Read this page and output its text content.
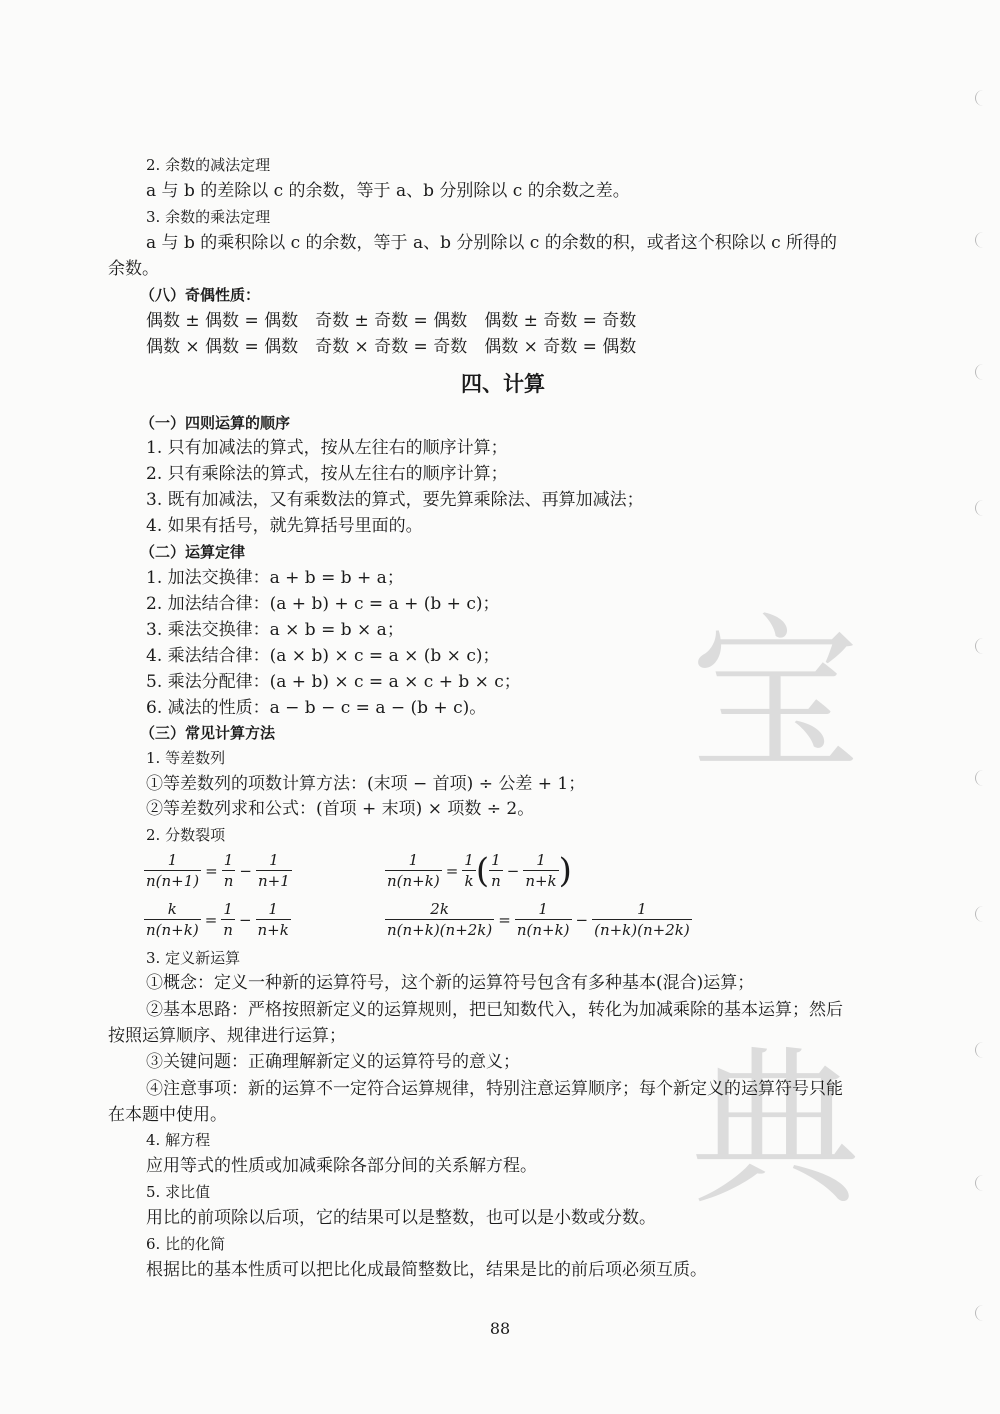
宝
典
2. 余数的减法定理
a 与 b 的差除以 c 的余数，等于 a、b 分别除以 c 的余数之差。
3. 余数的乘法定理
a 与 b 的乘积除以 c 的余数，等于 a、b 分别除以 c 的余数的积，或者这个积除以 c 所得的
余数。
（八）奇偶性质：
偶数 ± 偶数 = 偶数　奇数 ± 奇数 = 偶数　偶数 ± 奇数 = 奇数
偶数 × 偶数 = 偶数　奇数 × 奇数 = 奇数　偶数 × 奇数 = 偶数
四、计算
（一）四则运算的顺序
1. 只有加减法的算式，按从左往右的顺序计算；
2. 只有乘除法的算式，按从左往右的顺序计算；
3. 既有加减法，又有乘数法的算式，要先算乘除法、再算加减法；
4. 如果有括号，就先算括号里面的。
（二）运算定律
1. 加法交换律：a + b = b + a；
2. 加法结合律：(a + b) + c = a + (b + c)；
3. 乘法交换律：a × b = b × a；
4. 乘法结合律：(a × b) × c = a × (b × c)；
5. 乘法分配律：(a + b) × c = a × c + b × c；
6. 减法的性质：a − b − c = a − (b + c)。
（三）常见计算方法
1. 等差数列
①等差数列的项数计算方法：(末项 − 首项) ÷ 公差 + 1；
②等差数列求和公式：(首项 + 末项) × 项数 ÷ 2。
2. 分数裂项
$\frac{1}{n(n+1)} = \frac{1}{n} - \frac{1}{n+1}$	$\frac{1}{n(n+k)} = \frac{1}{k}$ ( $\frac{1}{n} - \frac{1}{n+k}$ )
$\frac{k}{n(n+k)} = \frac{1}{n} - \frac{1}{n+k}$	$\frac{2k}{n(n+k)(n+2k)} = \frac{1}{n(n+k)} - \frac{1}{(n+k)(n+2k)}$
3. 定义新运算
①概念：定义一种新的运算符号，这个新的运算符号包含有多种基本(混合)运算；
②基本思路：严格按照新定义的运算规则，把已知数代入，转化为加减乘除的基本运算；然后
按照运算顺序、规律进行运算；
③关键问题：正确理解新定义的运算符号的意义；
④注意事项：新的运算不一定符合运算规律，特别注意运算顺序；每个新定义的运算符号只能
在本题中使用。
4. 解方程
应用等式的性质或加减乘除各部分间的关系解方程。
5. 求比值
用比的前项除以后项，它的结果可以是整数，也可以是小数或分数。
6. 比的化简
根据比的基本性质可以把比化成最简整数比，结果是比的前后项必须互质。
88
